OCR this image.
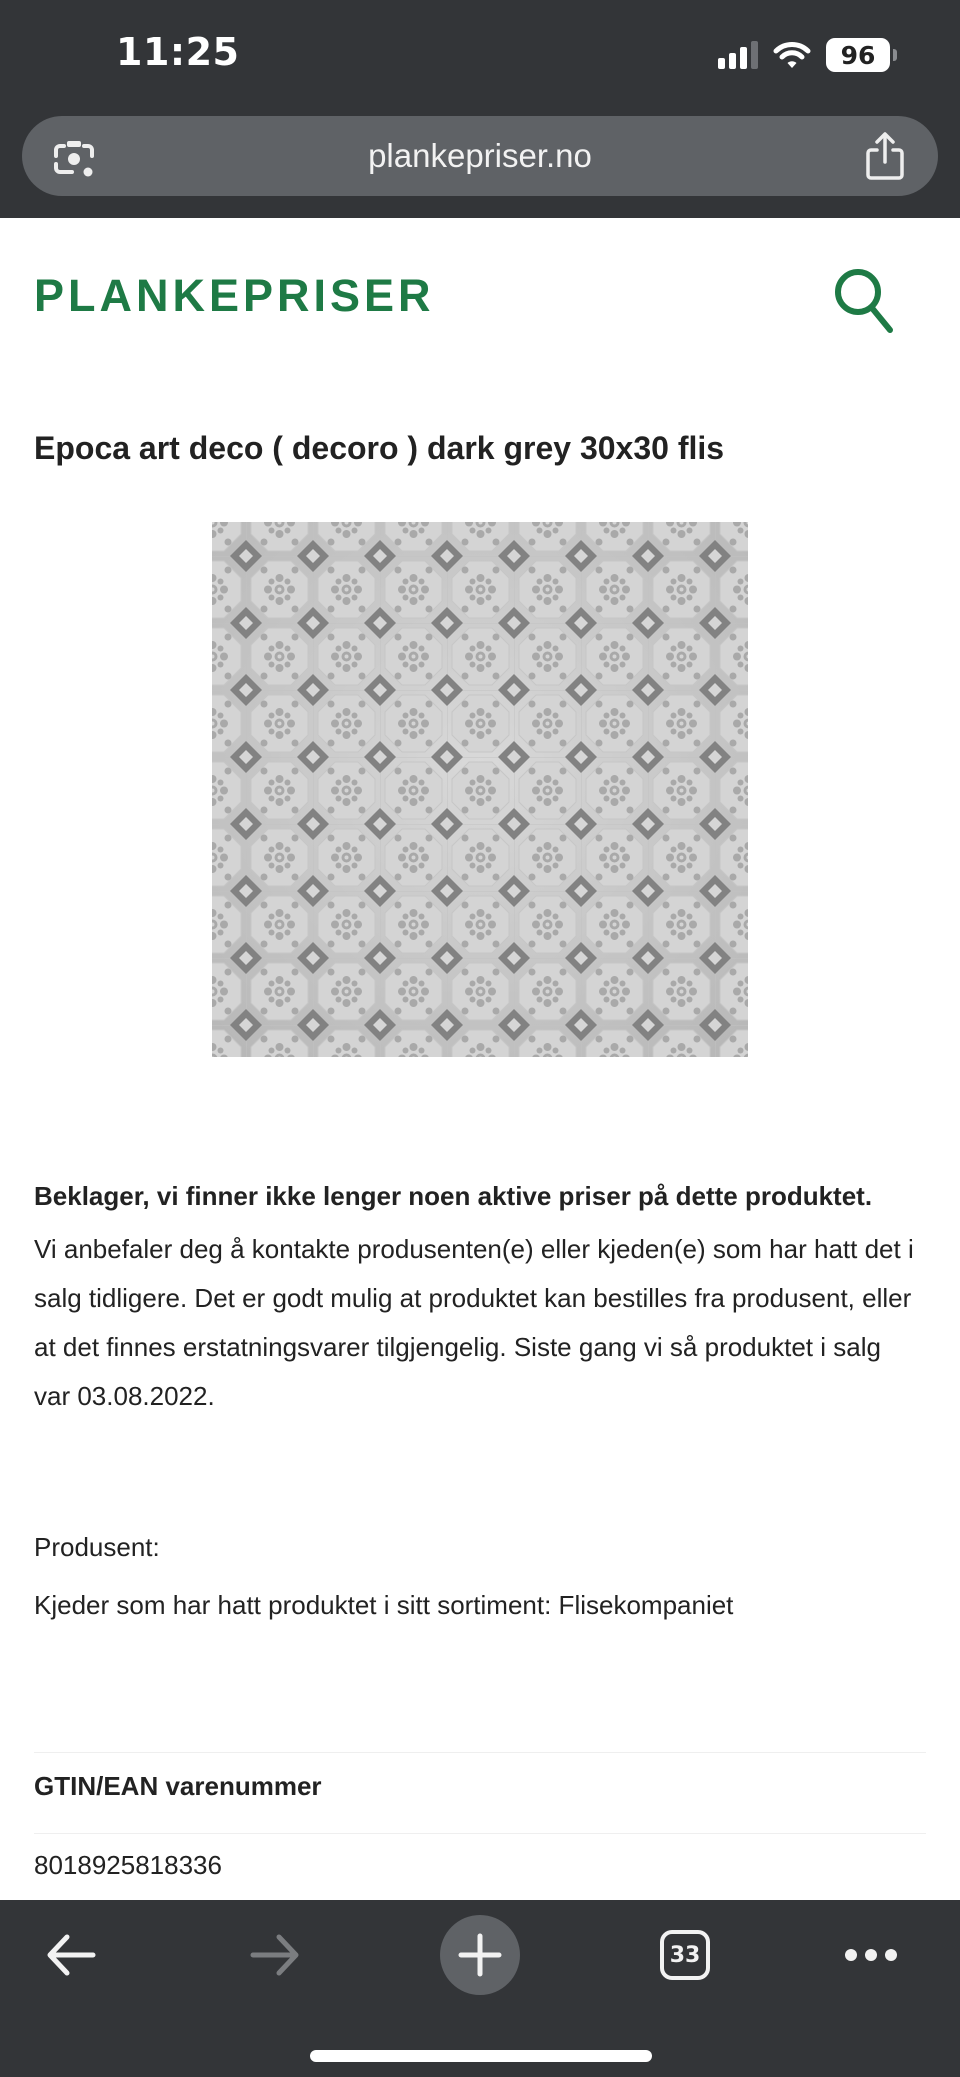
11:25	96
plankepriser.no
PLANKEPRISER
Epoca art deco ( decoro ) dark grey 30x30 flis

Beklager, vi finner ikke lenger noen aktive priser på dette produktet.

Vi anbefaler deg å kontakte produsenten(e) eller kjeden(e) som har hatt det i salg tidligere. Det er godt mulig at produktet kan bestilles fra produsent, eller at det finnes erstatningsvarer tilgjengelig. Siste gang vi så produktet i salg var 03.08.2022.

Produsent:
Kjeder som har hatt produktet i sitt sortiment: Flisekompaniet
GTIN/EAN varenummer
8018925818336
33
